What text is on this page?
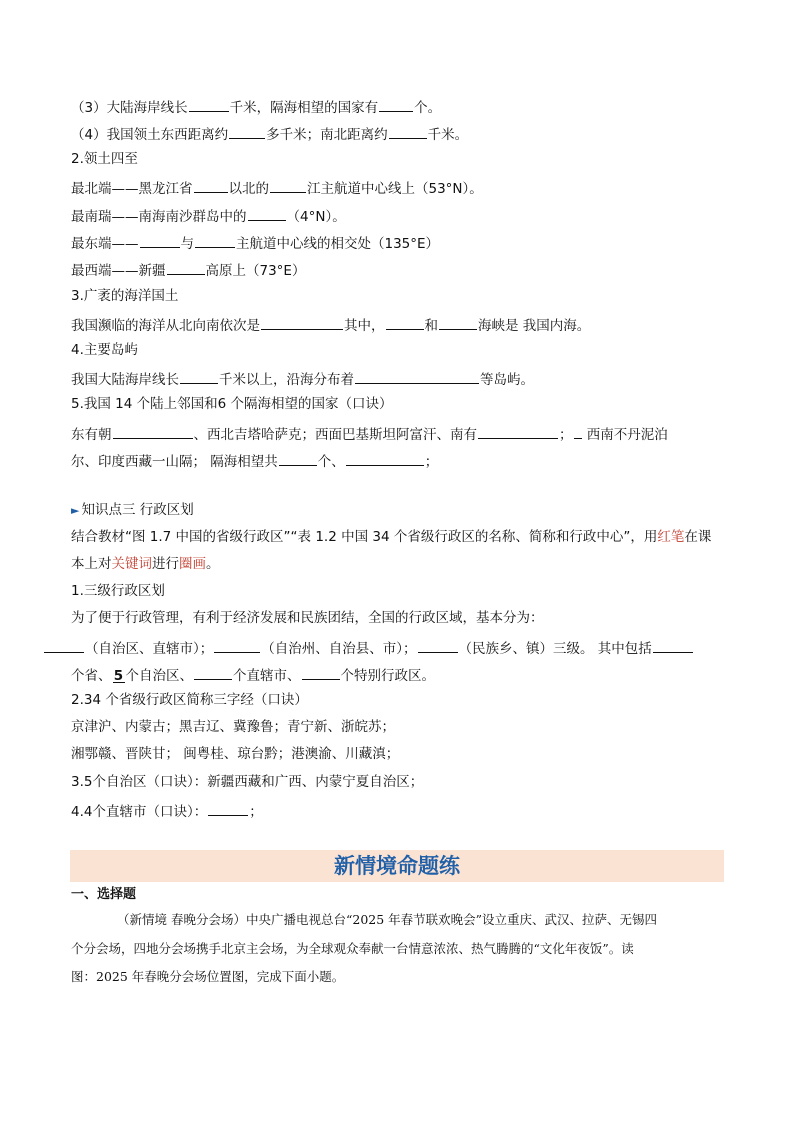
（3）大陆海岸线长	千米，隔海相望的国家有	个。
（4）我国领土东西距离约	多千米；南北距离约	千米。
2.领土四至
最北端——黑龙江省	以北的	江主航道中心线上（53°N）。
最南瑞——南海南沙群岛中的	（4°N）。
最东端——	与	主航道中心线的相交处（135°E）
最西端——新疆	高原上（73°E）
3.广袤的海洋国土
我国濒临的海洋从北向南依次是	其中，	和	海峡是 我国内海。
4.主要岛屿
我国大陆海岸线长	千米以上，沿海分布着	等岛屿。
5.我国 14 个陆上邻国和6 个隔海相望的国家（口诀）
东有朝	、西北吉塔哈萨克；西面巴基斯坦阿富汗、南有	； 西南不丹泥泊
尔、印度西藏一山隔； 隔海相望共	个、	；
► 知识点三 行政区划
结合教材“图 1.7 中国的省级行政区”“表 1.2 中国 34 个省级行政区的名称、简称和行政中心”，用红笔在课
本上对关键词进行圈画。
1.三级行政区划
为了便于行政管理，有利于经济发展和民族团结，全国的行政区域，基本分为：
（自治区、直辖市）；	（自治州、自治县、市）；	（民族乡、镇）三级。 其中包括
个省、 5 个自治区、	个直辖市、	个特别行政区。
2.34 个省级行政区简称三字经（口诀）
京津沪、内蒙古；黑吉辽、冀豫鲁；青宁新、浙皖苏；
湘鄂赣、晋陕甘； 闽粤桂、琼台黔；港澳渝、川藏滇；
3.5个自治区（口诀）：新疆西藏和广西、内蒙宁夏自治区；
4.4个直辖市（口诀）：	；
新情境命题练
一、选择题
（新情境 春晚分会场）中央广播电视总台“2025 年春节联欢晚会”设立重庆、武汉、拉萨、无锡四
个分会场，四地分会场携手北京主会场，为全球观众奉献一台情意浓浓、热气腾腾的“文化年夜饭”。读
图：2025 年春晚分会场位置图，完成下面小题。
